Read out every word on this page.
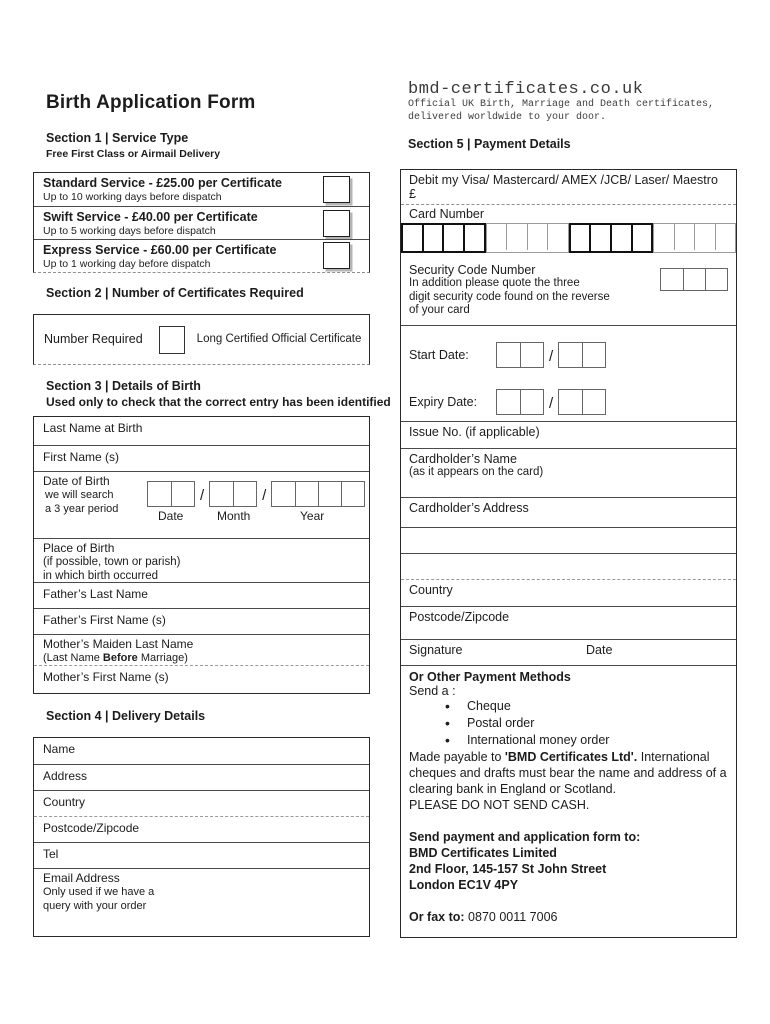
Birth Application Form
bmd-certificates.co.uk
Official UK Birth, Marriage and Death certificates,
delivered worldwide to your door.
Section 1 | Service Type
Free First Class or Airmail Delivery
Standard Service - £25.00 per Certificate
Up to 10 working days before dispatch
Swift Service - £40.00 per Certificate
Up to 5 working days before dispatch
Express Service - £60.00 per Certificate
Up to 1 working day before dispatch
Section 2 | Number of Certificates Required
Number Required	Long Certified Official Certificate
Section 3 | Details of Birth
Used only to check that the correct entry has been identified
Last Name at Birth
First Name (s)
Date of Birth
we will search
a 3 year period
/	/
Date	Month	Year
Place of Birth
(if possible, town or parish)
in which birth occurred
Father’s Last Name
Father’s First Name (s)
Mother’s Maiden Last Name
(Last Name Before Marriage)
Mother’s First Name (s)
Section 4 | Delivery Details
Name
Address
Country
Postcode/Zipcode
Tel
Email Address
Only used if we have a
query with your order
Section 5 | Payment Details
Debit my Visa/ Mastercard/ AMEX /JCB/ Laser/ Maestro
£
Card Number
Security Code Number
In addition please quote the three
digit security code found on the reverse
of your card
Start Date:	/
Expiry Date:	/
Issue No. (if applicable)
Cardholder’s Name
(as it appears on the card)
Cardholder’s Address
Country
Postcode/Zipcode
Signature	Date
Or Other Payment Methods
Send a :
• Cheque
• Postal order
• International money order

Made payable to 'BMD Certificates Ltd'. International cheques and drafts must bear the name and address of a clearing bank in England or Scotland.

PLEASE DO NOT SEND CASH.

Send payment and application form to:

BMD Certificates Limited

2nd Floor, 145-157 St John Street

London EC1V 4PY

Or fax to: 0870 0011 7006
